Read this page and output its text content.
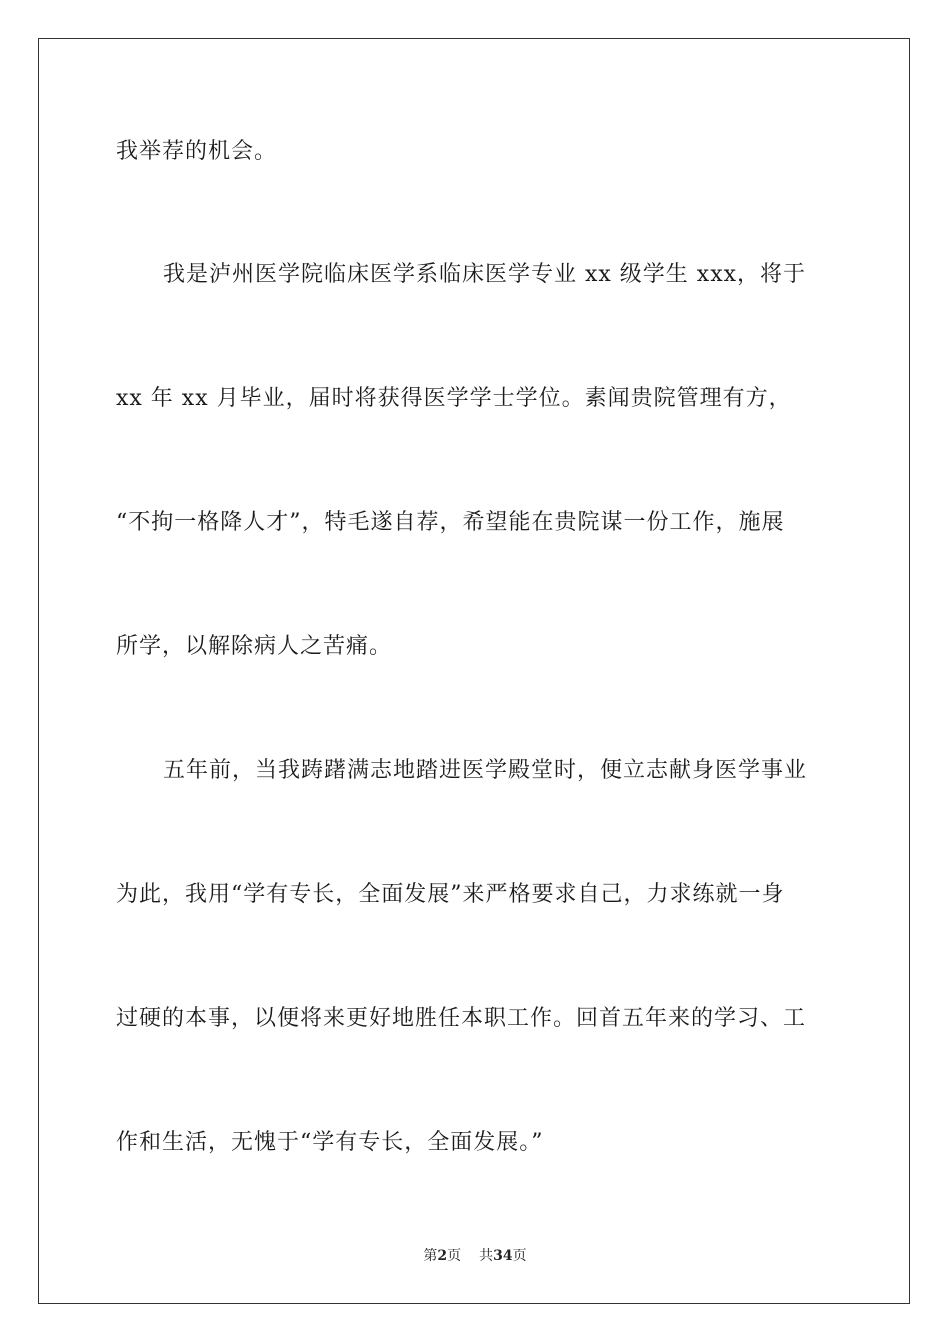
我举荐的机会。
我是泸州医学院临床医学系临床医学专业 xx 级学生 xxx，将于
xx 年 xx 月毕业，届时将获得医学学士学位。素闻贵院管理有方，
“不拘一格降人才”，特毛遂自荐，希望能在贵院谋一份工作，施展
所学，以解除病人之苦痛。
五年前，当我踌躇满志地踏进医学殿堂时，便立志献身医学事业
为此，我用“学有专长，全面发展”来严格要求自己，力求练就一身
过硬的本事，以便将来更好地胜任本职工作。回首五年来的学习、工
作和生活，无愧于“学有专长，全面发展。”
第2页 共34页
